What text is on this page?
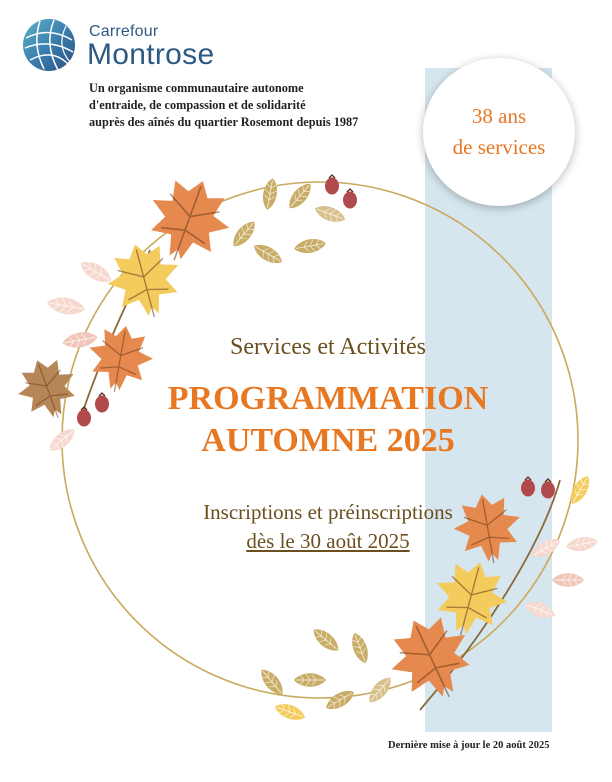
Carrefour
Montrose
Un organisme communautaire autonome
d'entraide, de compassion et de solidarité
auprès des aînés du quartier Rosemont depuis 1987	38 ans
de services
Services et Activités
PROGRAMMATION
AUTOMNE 2025
Inscriptions et préinscriptions
dès le 30 août 2025
Dernière mise à jour le 20 août 2025
